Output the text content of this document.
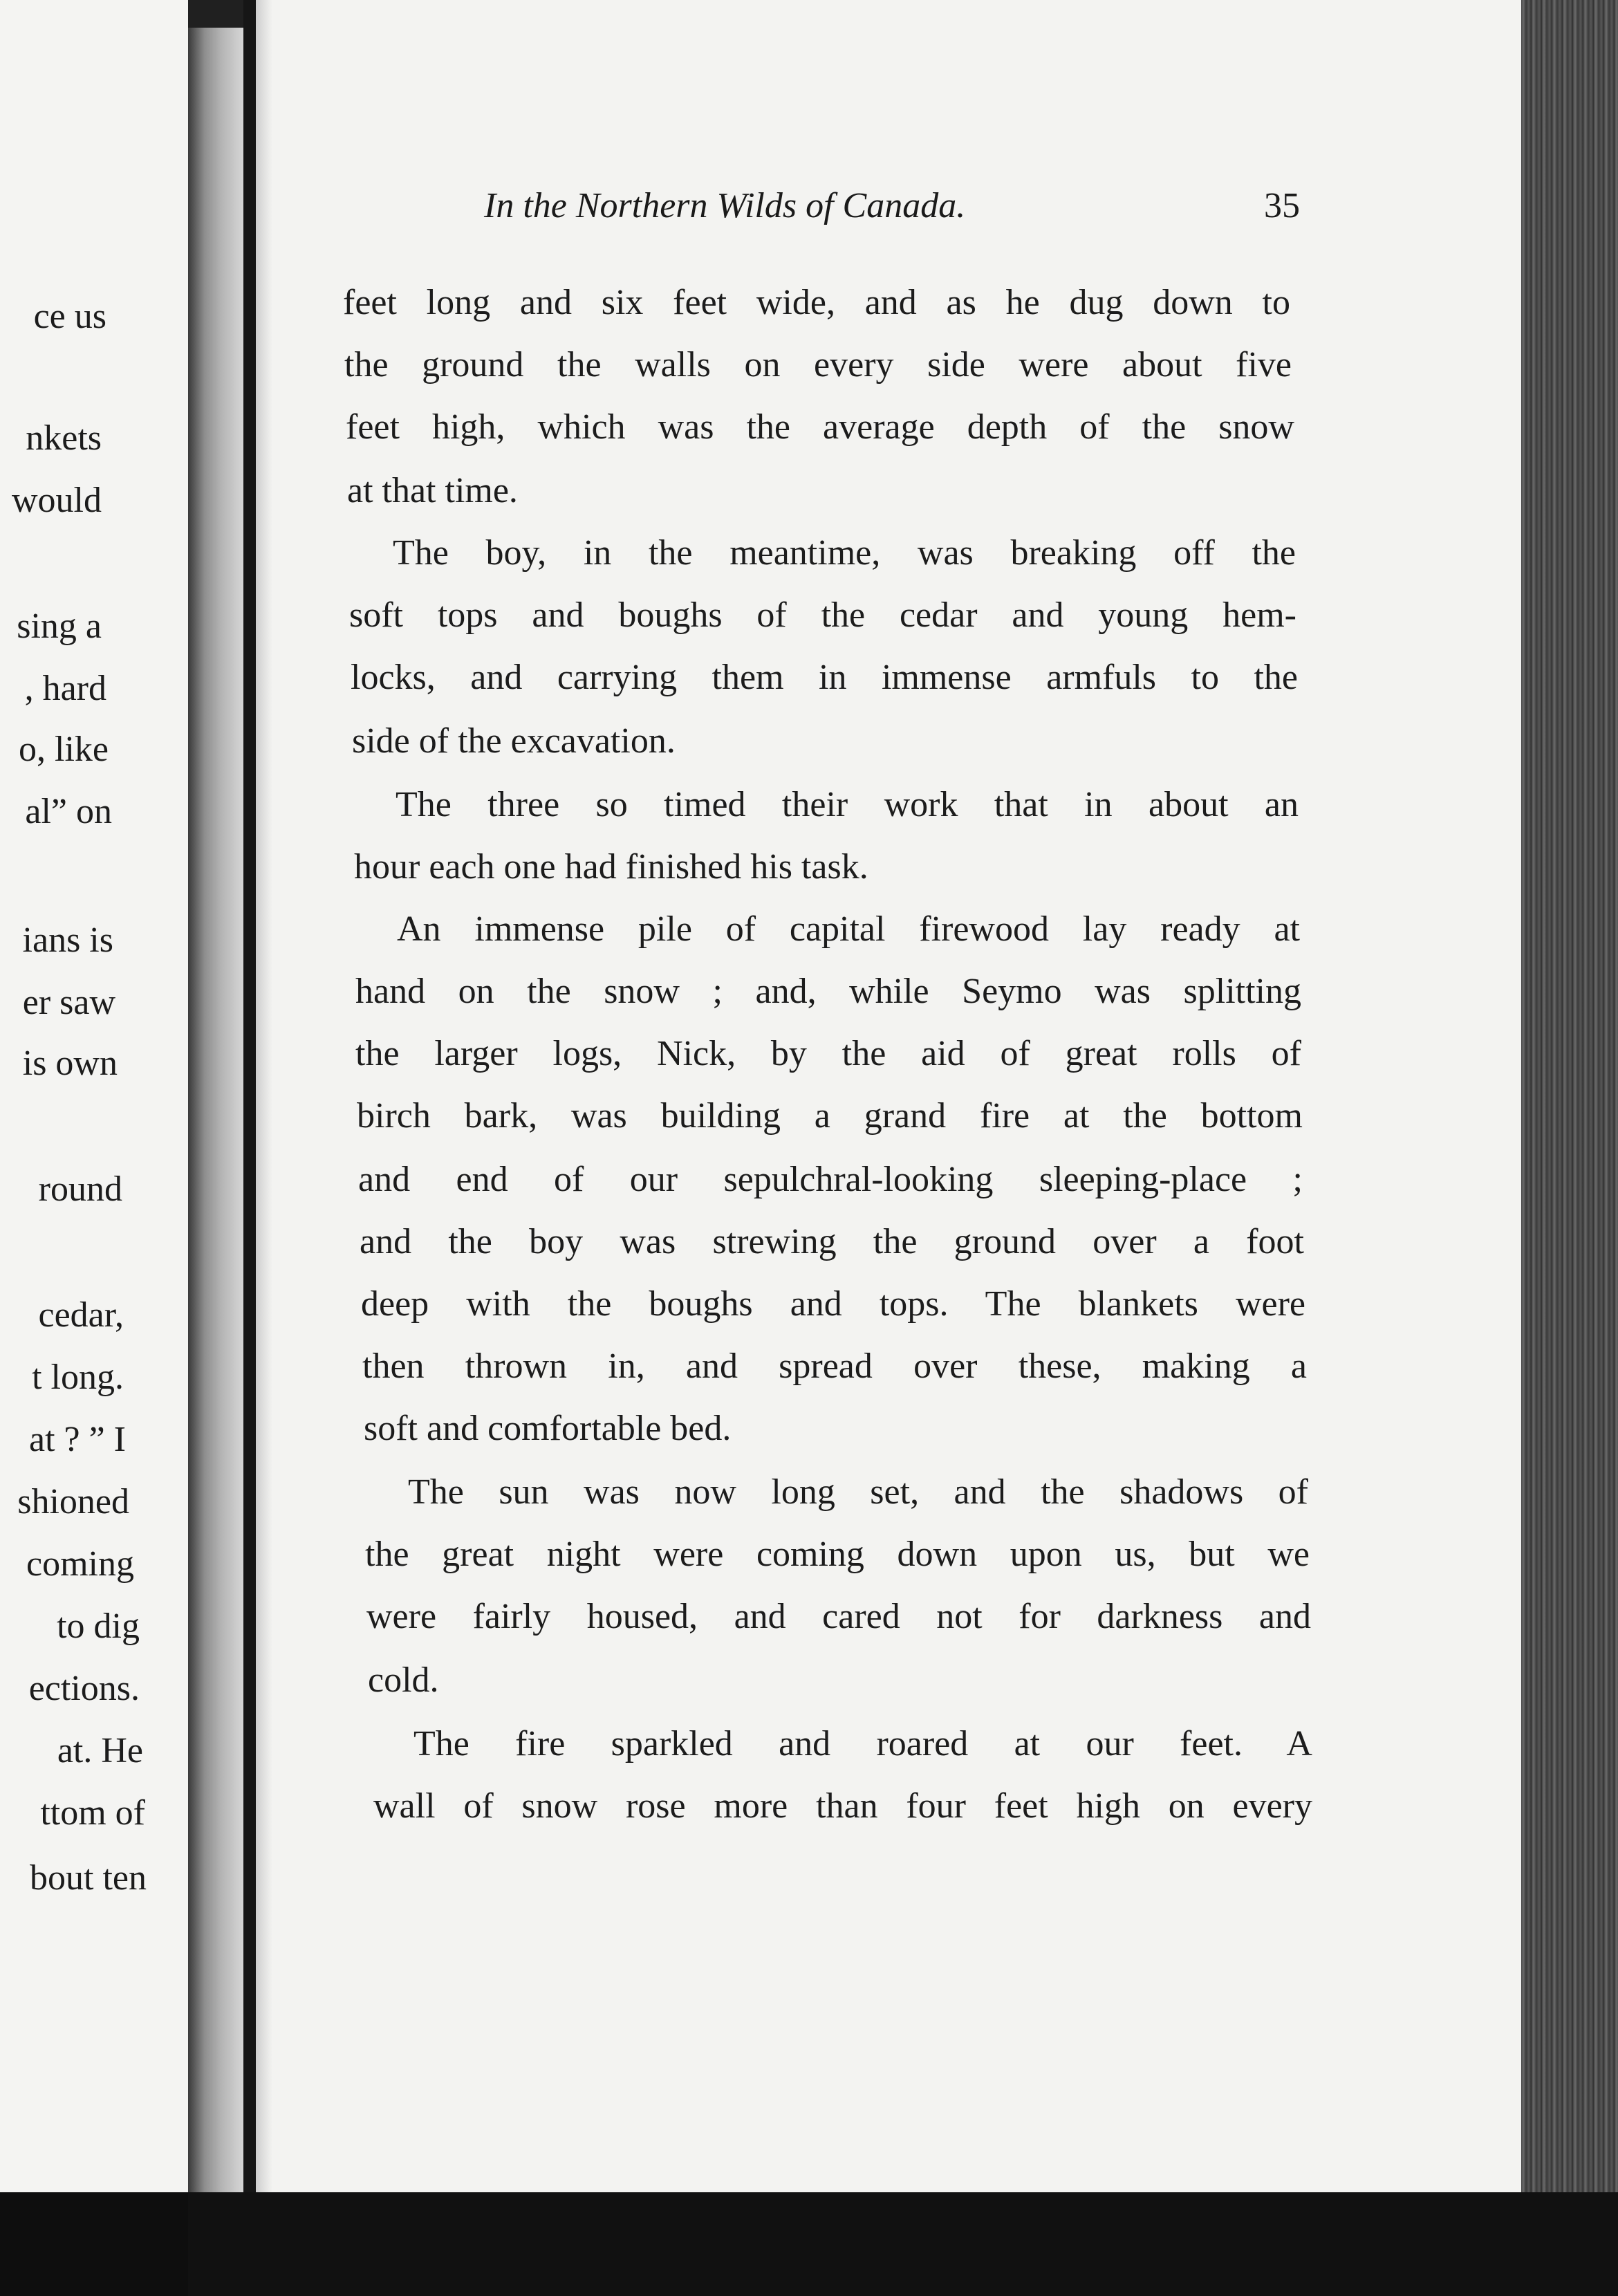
ce us
nkets
would
sing a
, hard
o, like
al” on
ians is
er saw
is own
round
cedar,
t long.
at ? ” I
shioned
coming
to dig
ections.
at. He
ttom of
bout ten
In the Northern Wilds of Canada.	35
feet long and six feet wide, and as he dug down to
the ground the walls on every side were about five
feet high, which was the average depth of the snow
at that time.
The boy, in the meantime, was breaking off the
soft tops and boughs of the cedar and young hem-
locks, and carrying them in immense armfuls to the
side of the excavation.
The three so timed their work that in about an
hour each one had finished his task.
An immense pile of capital firewood lay ready at
hand on the snow ; and, while Seymo was splitting
the larger logs, Nick, by the aid of great rolls of
birch bark, was building a grand fire at the bottom
and end of our sepulchral-looking sleeping-place ;
and the boy was strewing the ground over a foot
deep with the boughs and tops. The blankets were
then thrown in, and spread over these, making a
soft and comfortable bed.
The sun was now long set, and the shadows of
the great night were coming down upon us, but we
were fairly housed, and cared not for darkness and
cold.
The fire sparkled and roared at our feet. A
wall of snow rose more than four feet high on every
